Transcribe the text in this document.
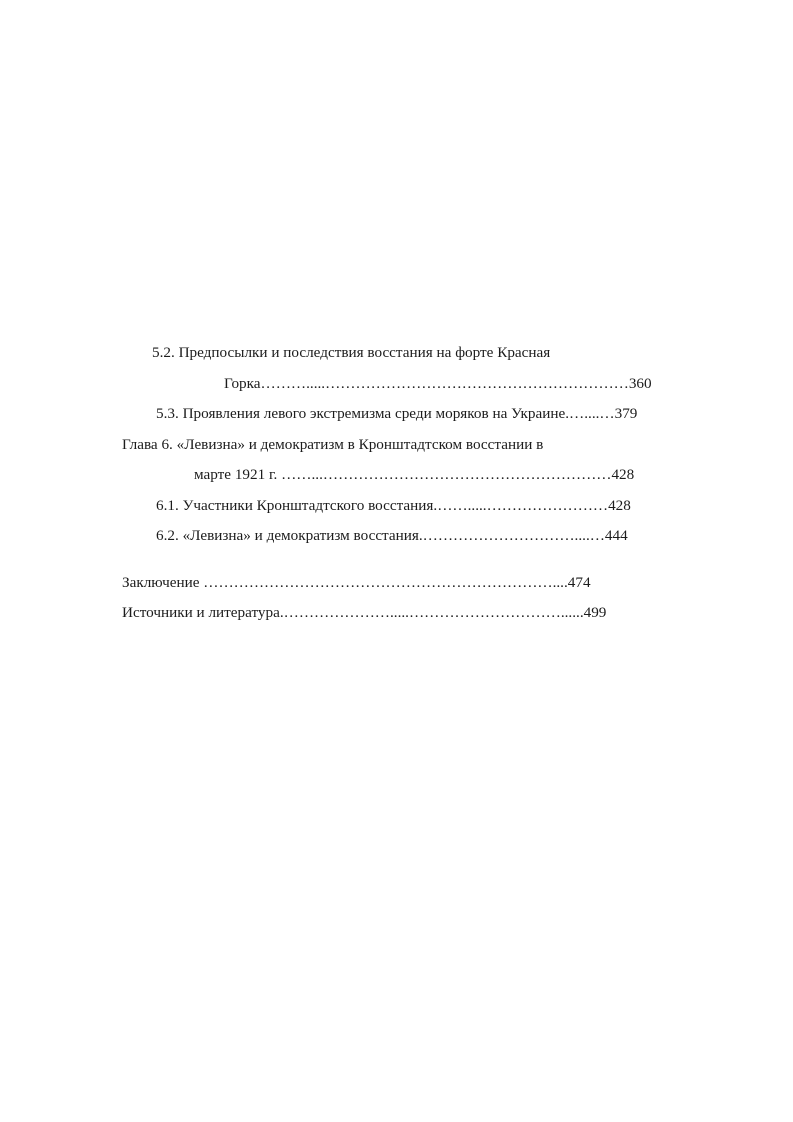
5.2. Предпосылки и последствия восстания на форте Красная
Горка……….....……………………………………………………360
5.3. Проявления левого экстремизма среди моряков на Украине.…....…379
Глава 6. «Левизна» и демократизм в Кронштадтском восстании в
марте 1921 г. ……...…………………………………………………428
6.1. Участники Кронштадтского восстания.…….....……………………428
6.2. «Левизна» и демократизм восстания.…………………………....…444
Заключение ……………………………………………………………....474
Источники и литература.………………….....…………………………......499
